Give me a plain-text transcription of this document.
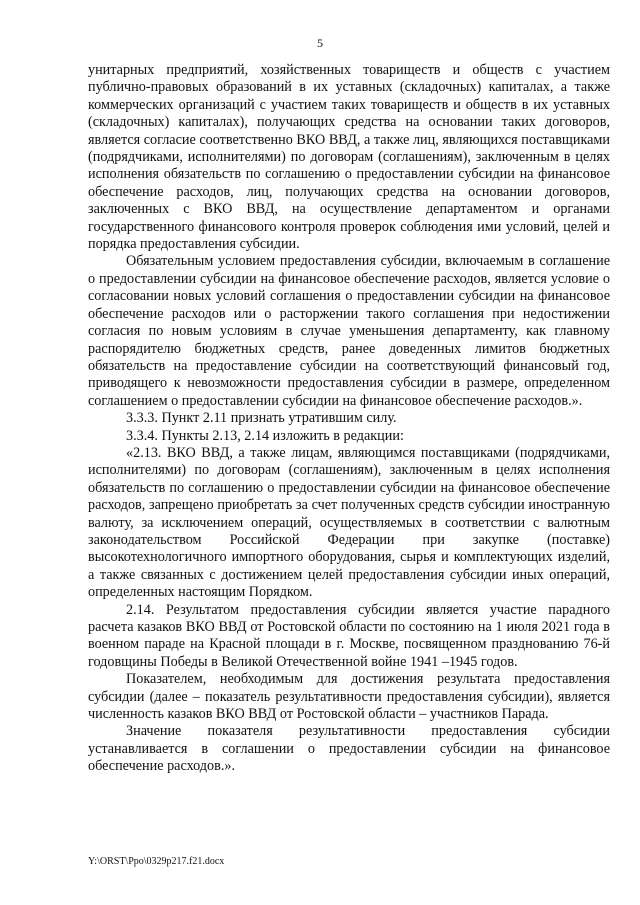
5

унитарных предприятий, хозяйственных товариществ и обществ с участием публично-правовых образований в их уставных (складочных) капиталах, а также коммерческих организаций с участием таких товариществ и обществ в их уставных (складочных) капиталах), получающих средства на основании таких договоров, является согласие соответственно ВКО ВВД, а также лиц, являющихся поставщиками (подрядчиками, исполнителями) по договорам (соглашениям), заключенным в целях исполнения обязательств по соглашению о предоставлении субсидии на финансовое обеспечение расходов, лиц, получающих средства на основании договоров, заключенных с ВКО ВВД, на осуществление департаментом и органами государственного финансового контроля проверок соблюдения ими условий, целей и порядка предоставления субсидии.

Обязательным условием предоставления субсидии, включаемым в соглашение о предоставлении субсидии на финансовое обеспечение расходов, является условие о согласовании новых условий соглашения о предоставлении субсидии на финансовое обеспечение расходов или о расторжении такого соглашения при недостижении согласия по новым условиям в случае уменьшения департаменту, как главному распорядителю бюджетных средств, ранее доведенных лимитов бюджетных обязательств на предоставление субсидии на соответствующий финансовый год, приводящего к невозможности предоставления субсидии в размере, определенном соглашением о предоставлении субсидии на финансовое обеспечение расходов.».

3.3.3. Пункт 2.11 признать утратившим силу.

3.3.4. Пункты 2.13, 2.14 изложить в редакции:

«2.13. ВКО ВВД, а также лицам, являющимся поставщиками (подрядчиками, исполнителями) по договорам (соглашениям), заключенным в целях исполнения обязательств по соглашению о предоставлении субсидии на финансовое обеспечение расходов, запрещено приобретать за счет полученных средств субсидии иностранную валюту, за исключением операций, осуществляемых в соответствии с валютным законодательством Российской Федерации при закупке (поставке) высокотехнологичного импортного оборудования, сырья и комплектующих изделий, а также связанных с достижением целей предоставления субсидии иных операций, определенных настоящим Порядком.

2.14. Результатом предоставления субсидии является участие парадного расчета казаков ВКО ВВД от Ростовской области по состоянию на 1 июля 2021 года в военном параде на Красной площади в г. Москве, посвященном празднованию 76-й годовщины Победы в Великой Отечественной войне 1941 –1945 годов.

Показателем, необходимым для достижения результата предоставления субсидии (далее – показатель результативности предоставления субсидии), является численность казаков ВКО ВВД от Ростовской области – участников Парада.

Значение показателя результативности предоставления субсидии устанавливается в соглашении о предоставлении субсидии на финансовое обеспечение расходов.».

Y:\ORST\Ppo\0329p217.f21.docx
